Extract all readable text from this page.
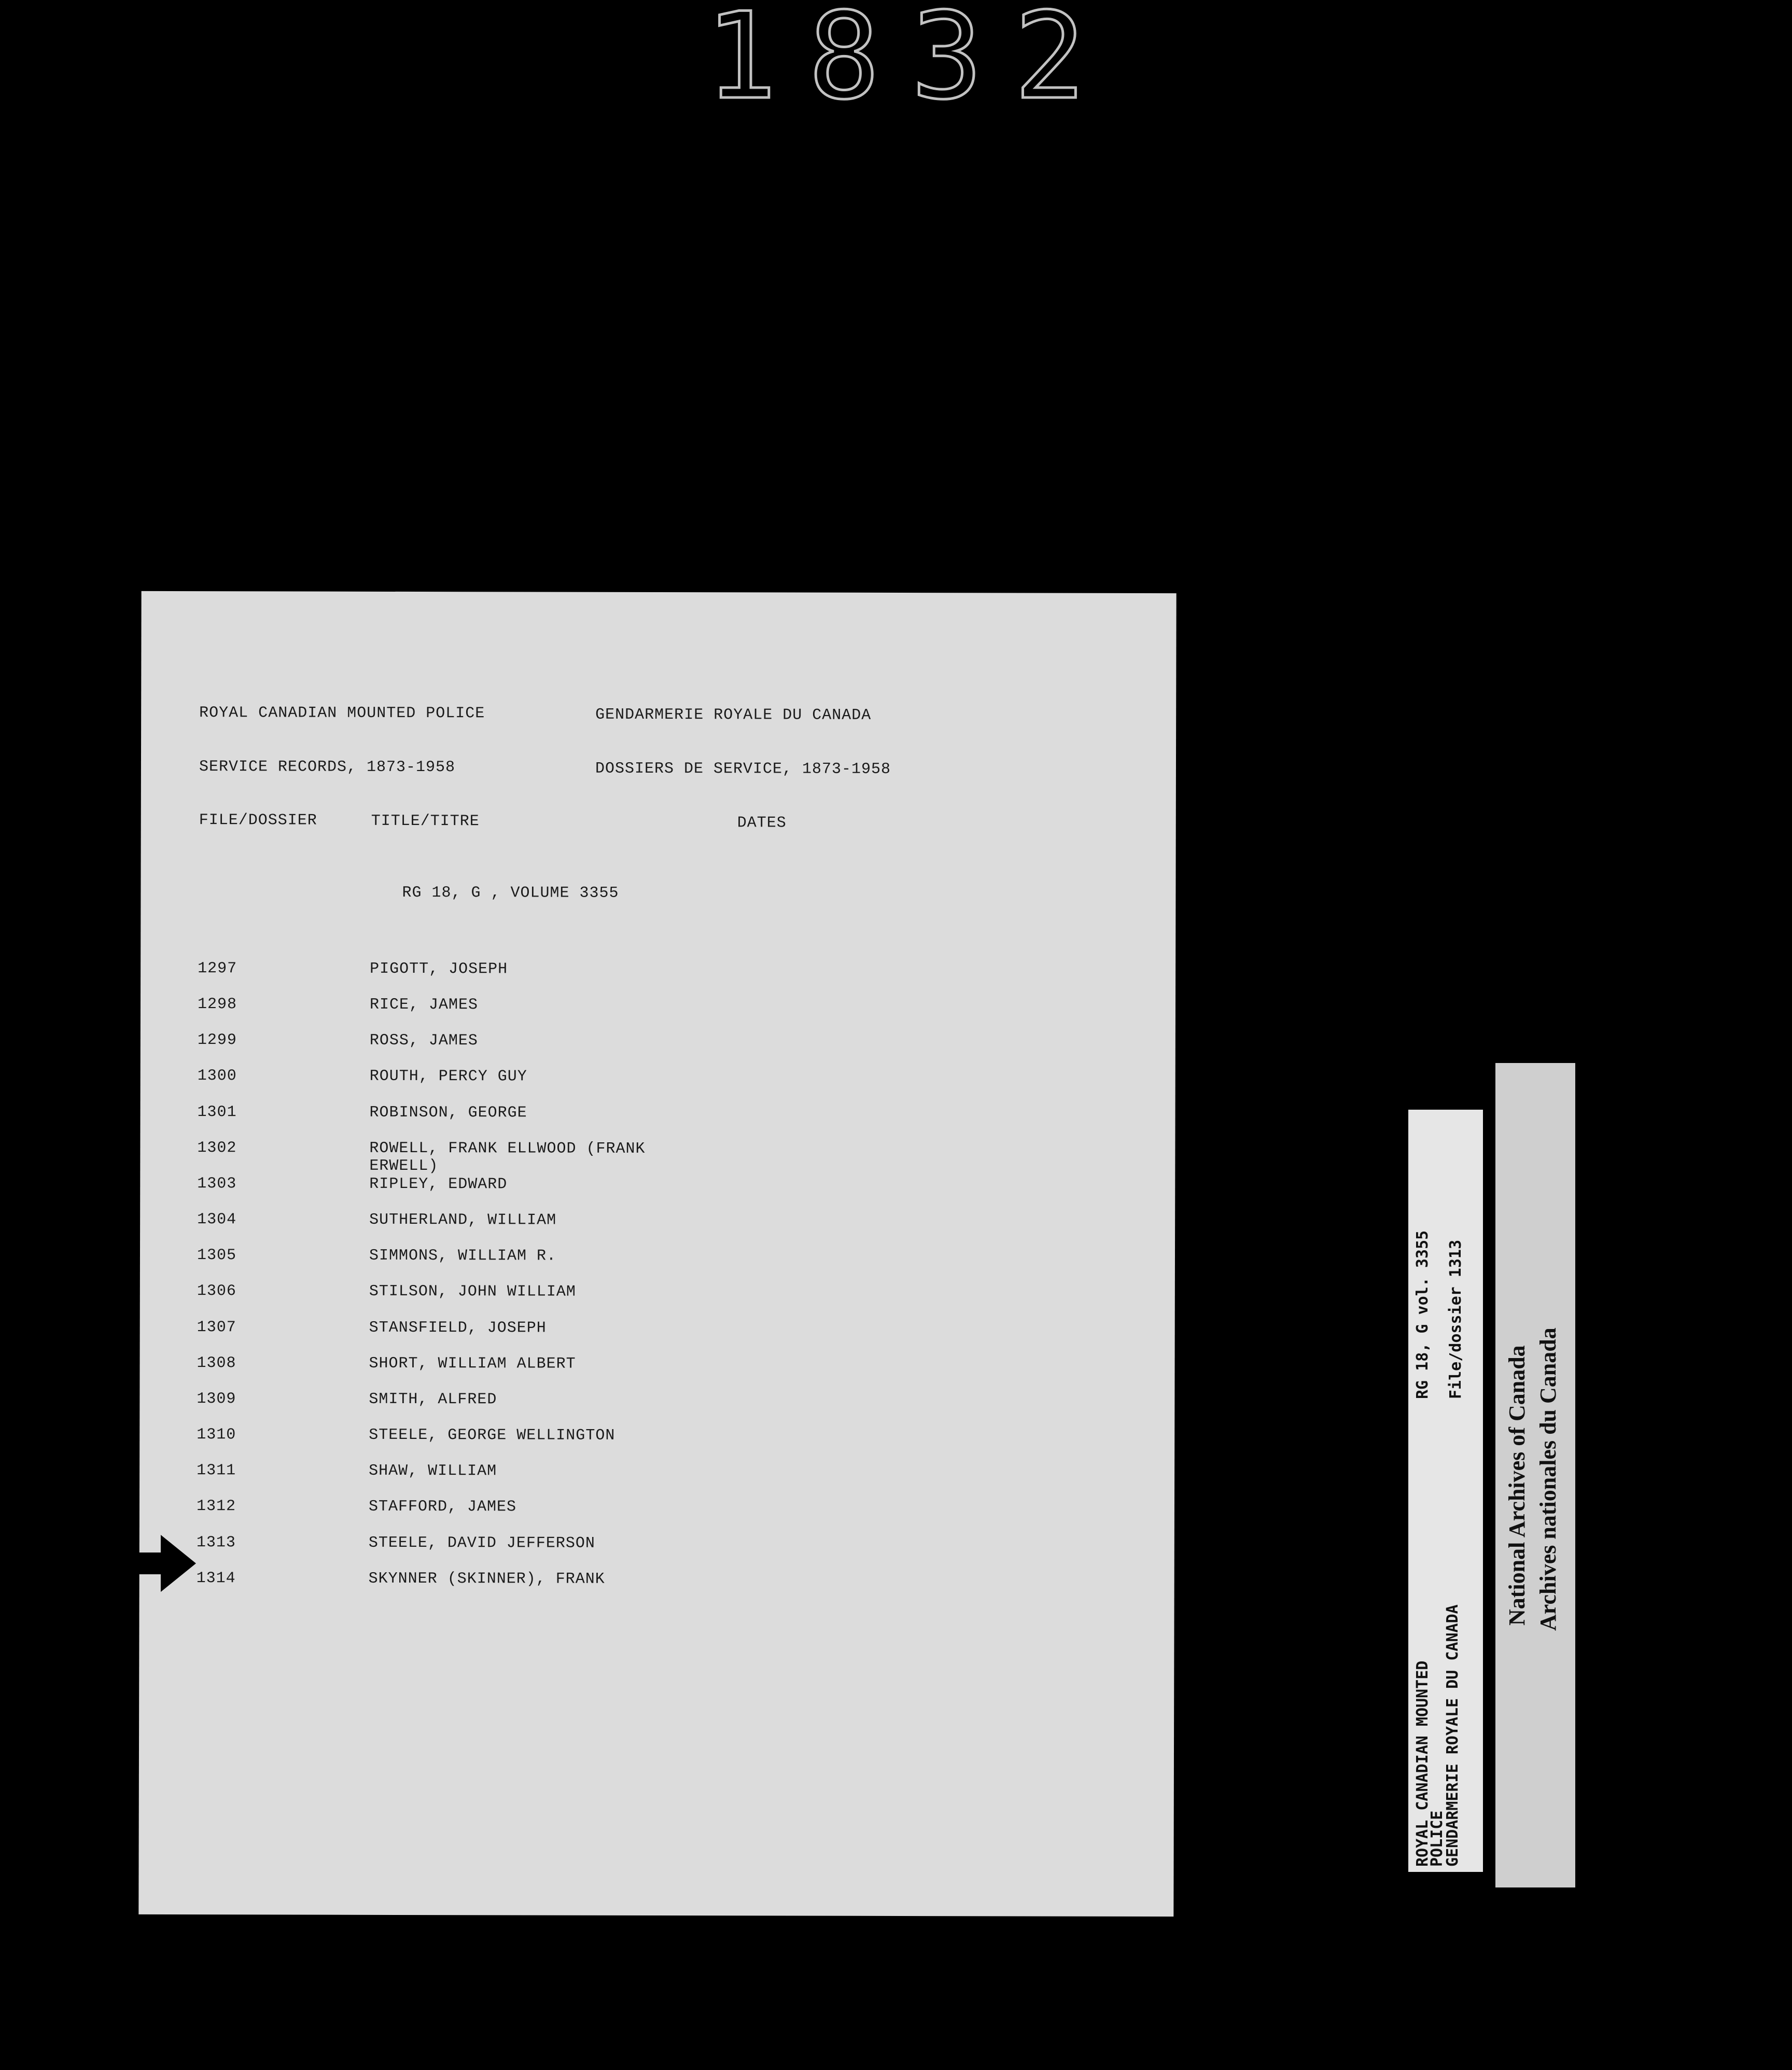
1832
ROYAL CANADIAN MOUNTED POLICE	GENDARMERIE ROYALE DU CANADA
SERVICE RECORDS, 1873-1958	DOSSIERS DE SERVICE, 1873-1958
FILE/DOSSIER	TITLE/TITRE	DATES
RG 18, G , VOLUME 3355
1297	PIGOTT, JOSEPH
1298	RICE, JAMES
1299	ROSS, JAMES
1300	ROUTH, PERCY GUY
1301	ROBINSON, GEORGE
1302	ROWELL, FRANK ELLWOOD (FRANK ERWELL)
1303	RIPLEY, EDWARD
1304	SUTHERLAND, WILLIAM
1305	SIMMONS, WILLIAM R.
1306	STILSON, JOHN WILLIAM
1307	STANSFIELD, JOSEPH
1308	SHORT, WILLIAM ALBERT
1309	SMITH, ALFRED
1310	STEELE, GEORGE WELLINGTON
1311	SHAW, WILLIAM
1312	STAFFORD, JAMES
1313	STEELE, DAVID JEFFERSON
1314	SKYNNER (SKINNER), FRANK
ROYAL CANADIAN MOUNTED
POLICE
GENDARMERIE ROYALE DU CANADA
RG 18, G vol. 3355 File/dossier 1313
National Archives of Canada Archives nationales du Canada
